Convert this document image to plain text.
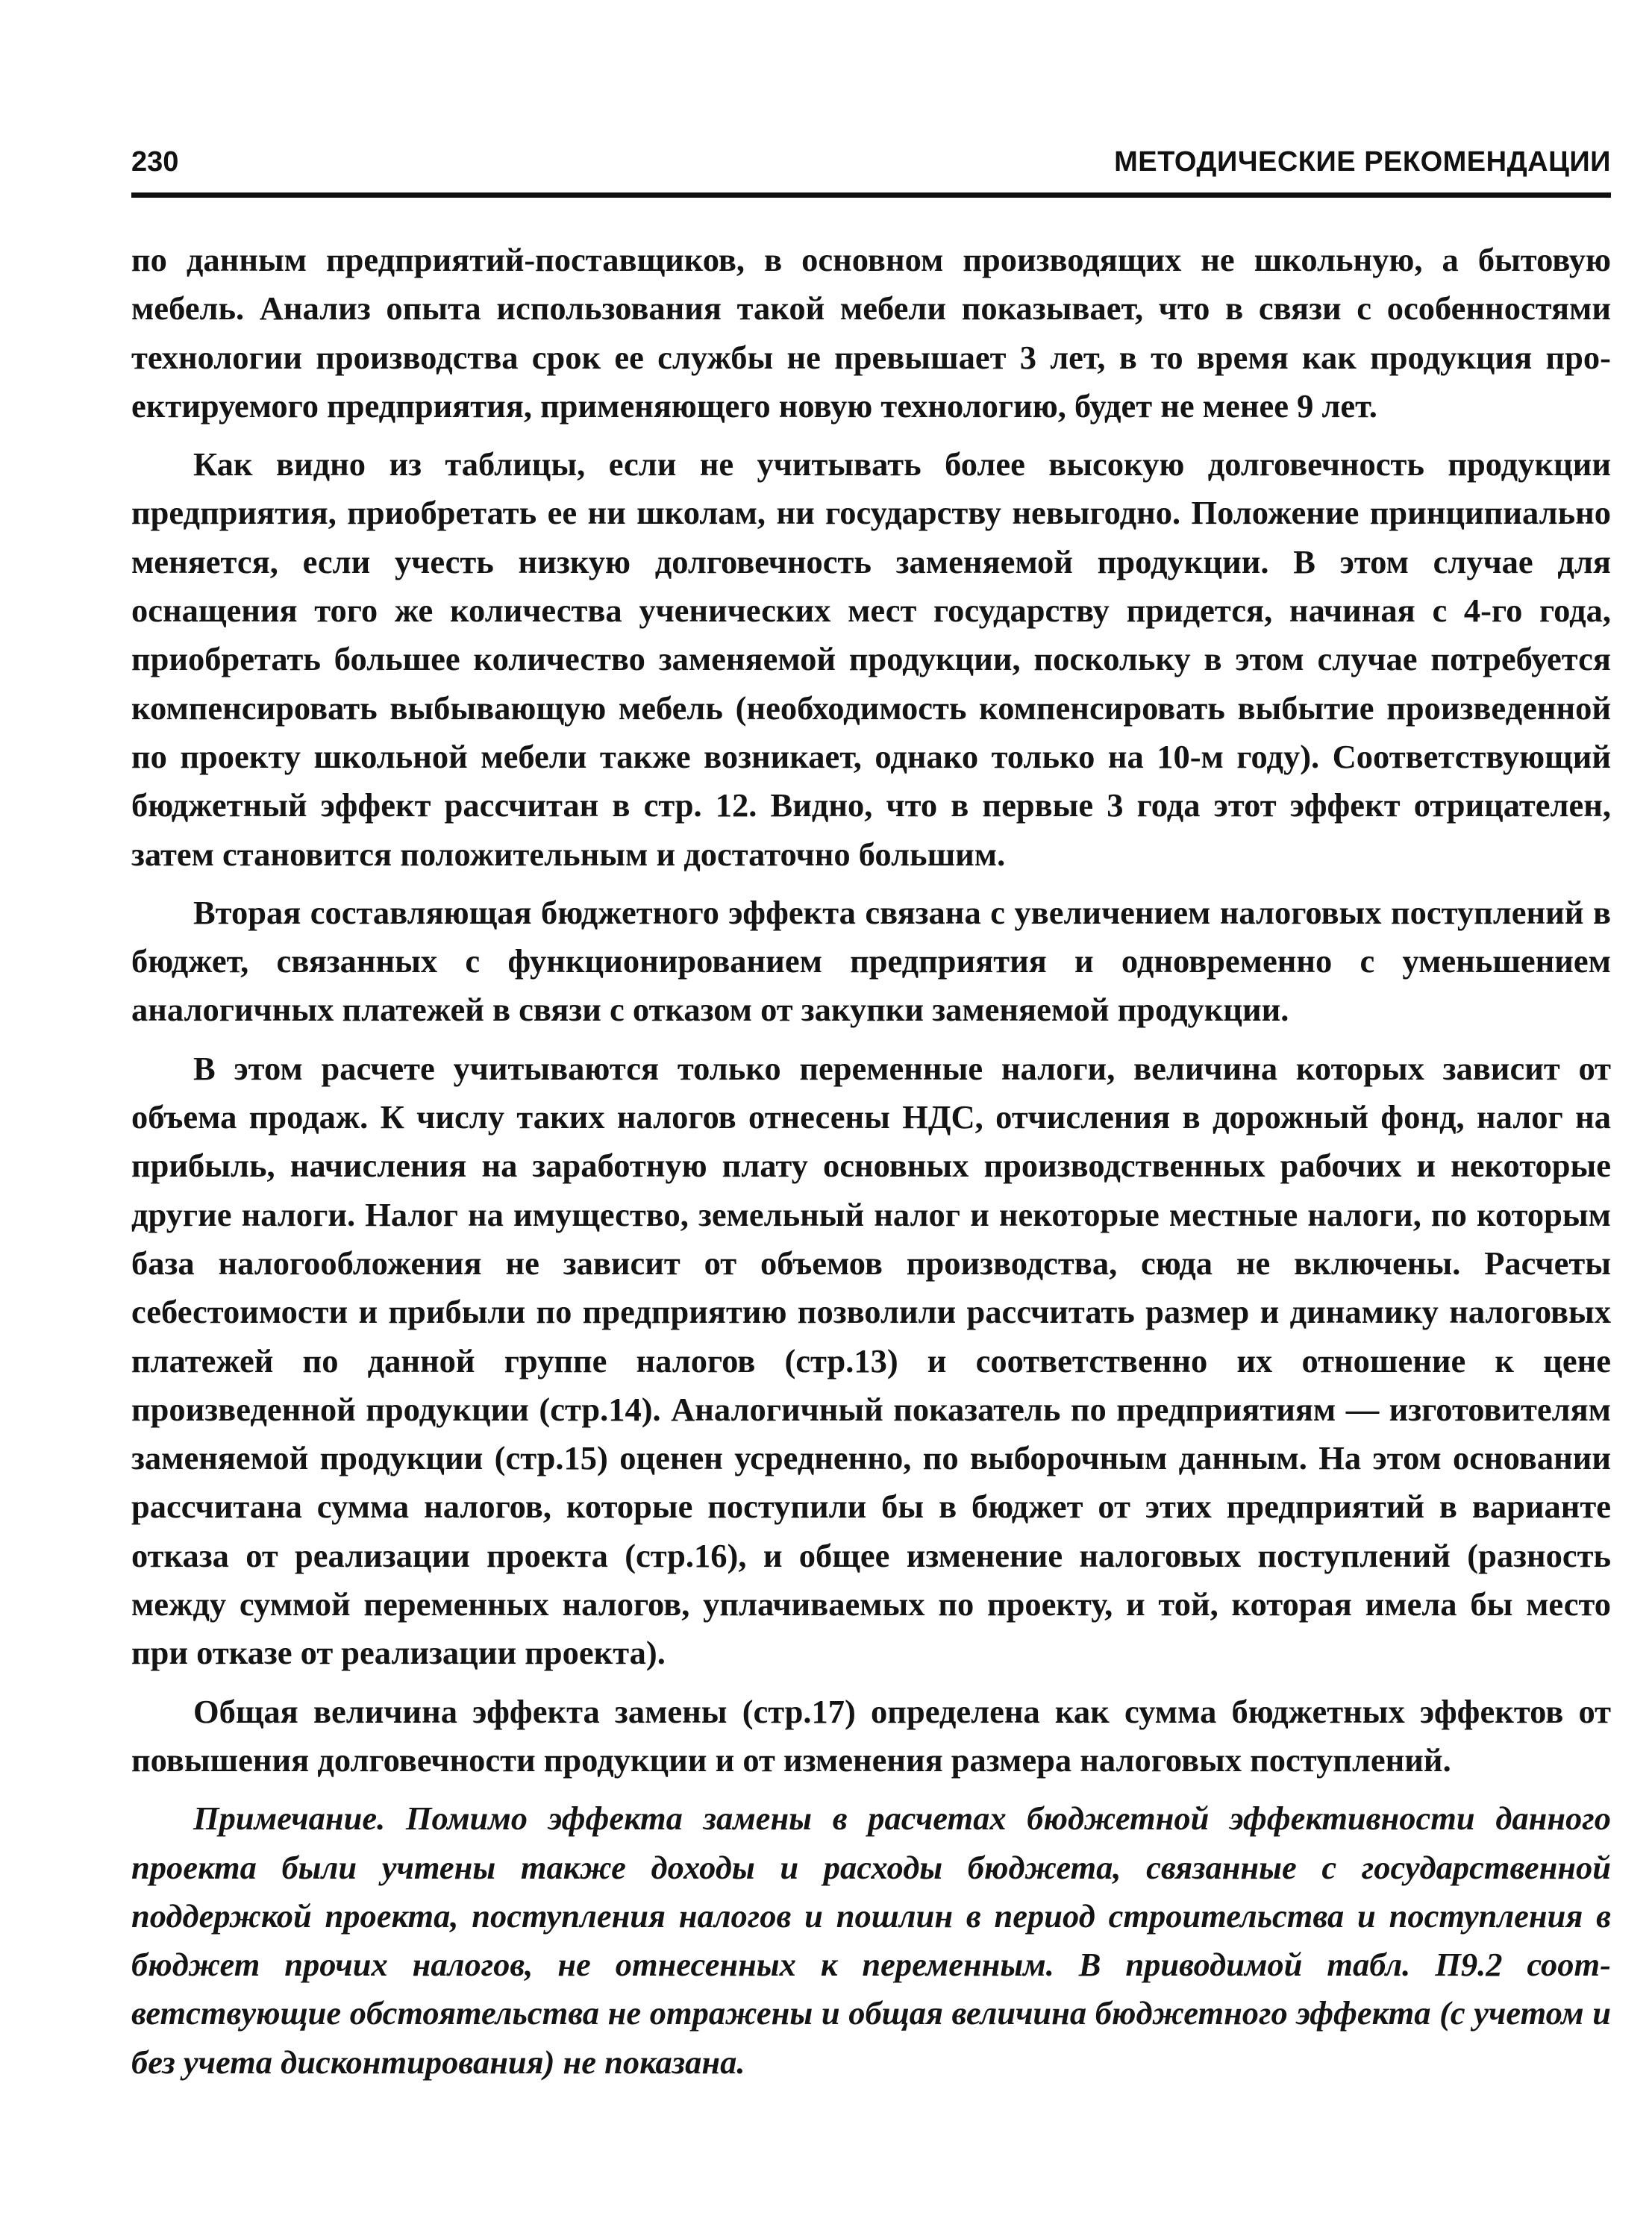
230	МЕТОДИЧЕСКИЕ РЕКОМЕНДАЦИИ

по данным предприятий-поставщиков, в основном производящих не школьную, а бытовую мебель. Анализ опыта использования такой мебели показывает, что в связи с особенностями технологии производства срок ее службы не превышает 3 лет, в то время как продукция проектируемого предприятия, применяющего новую технологию, будет не менее 9 лет.

Как видно из таблицы, если не учитывать более высокую долговечность продукции предприятия, приобретать ее ни школам, ни государству невыгодно. Положение принципиально меняется, если учесть низкую долговечность заменяемой продукции. В этом случае для оснащения того же количества ученических мест государству придется, начиная с 4-го года, приобретать большее количество заменяемой продукции, поскольку в этом случае потребуется компенсировать выбывающую мебель (необходимость компенсировать выбытие произведенной по проекту школьной мебели также возникает, однако только на 10-м году). Соответствующий бюджетный эффект рассчитан в стр. 12. Видно, что в первые 3 года этот эффект отрицателен, затем становится положительным и достаточно большим.

Вторая составляющая бюджетного эффекта связана с увеличением налоговых поступлений в бюджет, связанных с функционированием предприятия и одновременно с уменьшением аналогичных платежей в связи с отказом от закупки заменяемой продукции.

В этом расчете учитываются только переменные налоги, величина которых зависит от объема продаж. К числу таких налогов отнесены НДС, отчисления в дорожный фонд, налог на прибыль, начисления на заработную плату основных производственных рабочих и некоторые другие налоги. Налог на имущество, земельный налог и некоторые местные налоги, по которым база налогообложения не зависит от объемов производства, сюда не включены. Расчеты себестоимости и прибыли по предприятию позволили рассчитать размер и динамику налоговых платежей по данной группе налогов (стр.13) и соответственно их отношение к цене произведенной продукции (стр.14). Аналогичный показатель по предприятиям — изготовителям заменяемой продукции (стр.15) оценен усредненно, по выборочным данным. На этом основании рассчитана сумма налогов, которые поступили бы в бюджет от этих предприятий в варианте отказа от реализации проекта (стр.16), и общее изменение налоговых поступлений (разность между суммой переменных налогов, уплачиваемых по проекту, и той, которая имела бы место при отказе от реализации проекта).

Общая величина эффекта замены (стр.17) определена как сумма бюджетных эффектов от повышения долговечности продукции и от изменения размера налоговых поступлений.

Примечание. Помимо эффекта замены в расчетах бюджетной эффективности данного проекта были учтены также доходы и расходы бюджета, связанные с государственной поддержкой проекта, поступления налогов и пошлин в период строительства и поступления в бюджет прочих налогов, не отнесенных к переменным. В приводимой табл. П9.2 соответствующие обстоятельства не отражены и общая величина бюджетного эффекта (с учетом и без учета дисконтирования) не показана.
